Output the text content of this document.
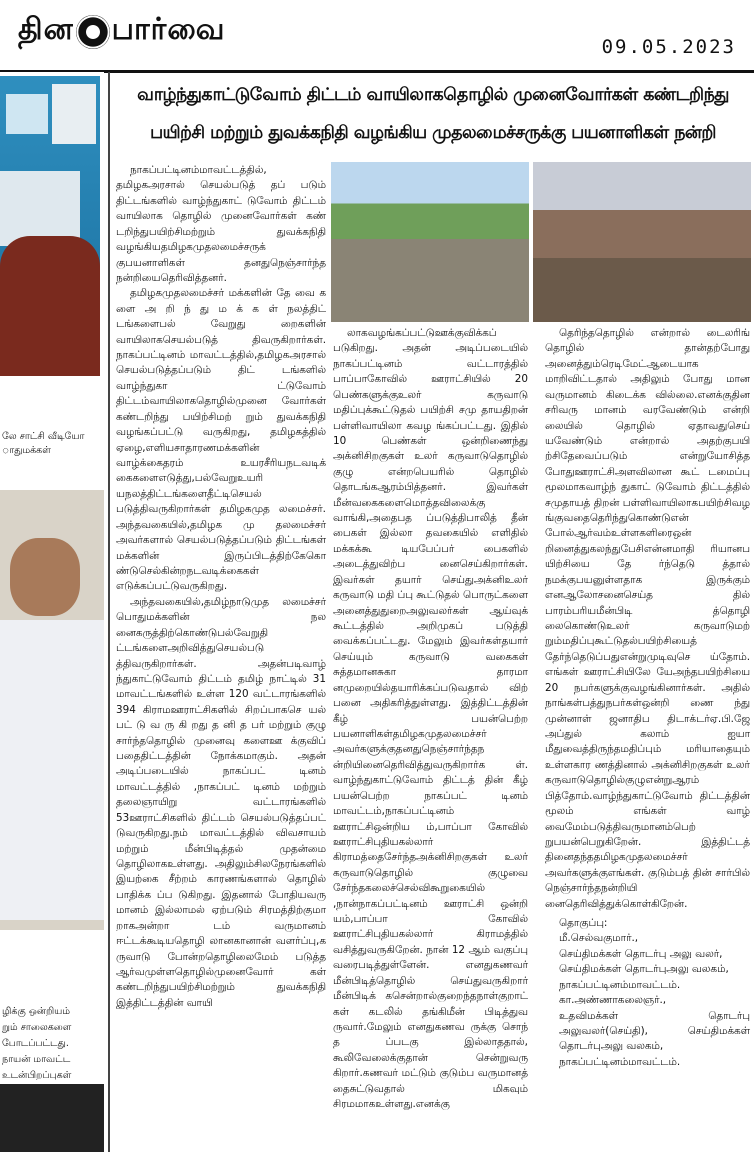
தின பார்வை	09.05.2023
லே சாட்சி வீடியோ
ாதுமக்கள்
ழிக்கு ஒன்றியம்
றும் சாலைகளை
போடப்பட்டது.
நாயன் மாவட்ட
உடன்பிறப்புகள்
வாழ்ந்துகாட்டுவோம் திட்டம் வாயிலாகதொழில் முனைவோர்கள் கண்டறிந்து
பயிற்சி மற்றும் துவக்கநிதி வழங்கிய முதலமைச்சருக்கு பயனாளிகள் நன்றி

நாகப்பட்டினம்மாவட்டத்தில், தமிழகஅரசால் செயல்படுத் தப் படும் திட்டங்களில் வாழ்ந்துகாட் டுவோம் திட்டம் வாயிலாக தொழில் முனைவோர்கள் கண் டறிந்துபயிற்சிமற்றும் துவக்கநிதி வழங்கியதமிழகமுதலமைச்சருக் குபயனாளிகள் தனதுநெஞ்சார்ந்த நன்றியைதெரிவித்தனர்.

தமிழகமுதலமைச்சர் மக்களின் தே வை க ளை அ றி ந் து ம க் க ள் நலத்திட் டங்களைபல் வேறுது றைகளின் வாயிலாகசெயல்படுத் திவருகிறார்கள். நாகப்பட்டினம் மாவட்டத்தில்,தமிழகஅரசால் செயல்படுத்தப்படும் திட் டங்களில் வாழ்ந்துகா ட்டுவோம் திட்டம்வாயிலாகதொழில்முனை வோர்கள் கண்டறிந்து பயிற்சிமற் றும் துவக்கநிதி வழங்கப்பட்டு வருகிறது, தமிழகத்தில் ஏழை,எளியசாதாரணமக்களின் வாழ்க்கைதரம் உயரசீரியநடவடிக் கைகளைஎடுத்து,பல்வேறுஉயரி யநலத்திட்டங்களைதீட்டிசெயல் படுத்திவருகிறார்கள் தமிழகமுத லமைச்சர். அந்தவகையில்,தமிழக மு தலமைச்சர் அவர்களால் செயல்படுத்தப்படும் திட்டங்கள் மக்களின் இருப்பிடத்திற்கேகொ ண்டுசெல்கின்றநடவடிக்கைகள் எடுக்கப்பட்டுவருகிறது.

அந்தவகையில்,தமிழ்நாடுமுத லமைச்சர் பொதுமக்களின் நல னைகருத்திற்கொண்டுபல்வேறுதி ட்டங்களைஅறிவித்துசெயல்படு த்திவருகிறார்கள். அதன்படிவாழ் ந்துகாட்டுவோம் திட்டம் தமிழ் நாட்டில் 31 மாவட்டங்களில் உள்ள 120 வட்டாரங்களில் 394 கிராமஊராட்சிகளில் சிறப்பாகசெ யல் பட் டு வ ரு கி றது த னி த பர் மற்றும் குழு சார்ந்ததொழில் முனைவு களைஊ க்குவிப் பதைதிட்டத்தின் நோக்கமாகும். அதன் அடிப்படையில் நாகப்பட் டினம் மாவட்டத்தில் ,நாகப்பட் டினம் மற்றும் தலைஞாயிறு வட்டாரங்களில் 53ஊராட்சிகளில் திட்டம் செயல்படுத்தப்பட் டுவருகிறது.நம் மாவட்டத்தில் விவசாயம் மற்றும் மீன்பிடித்தல் முதன்மை தொழிலாகஉள்ளது. அதிலும்சிலநேரங்களில் இயற்கை சீற்றம் காரணங்களால் தொழில் பாதிக்க ப்ப டுகிறது. இதனால் போதியவரு மானம் இல்லாமல் ஏற்படும் சிரமத்திற்குமா றாகஅன்றா டம் வருமானம் ஈட்டக்கூடியதொழி லானகானான் வளர்ப்பு,க ருவாடு போன்றதொழிலைமேம் படுத்த ஆர்வமுள்ளதொழில்முனைவோர் கள் கண்டறிந்துபயிற்சிமற்றும் துவக்கநிதி இத்திட்டத்தின் வாயி

லாகவழங்கப்பட்டுஊக்குவிக்கப் படுகிறது. அதன் அடிப்படையில் நாகப்பட்டினம் வட்டாரத்தில் பாப்பாகோவில் ஊராட்சியில் 20 பெண்களுக்குஉலர் கருவாடு மதிப்புக்கூட்டுதல் பயிற்சி சமு தாயதிறன் பள்ளிவாயிலா கவழ ங்கப்பட்டது. இதில் 10 பெண்கள் ஒன்றிணைந்து அக்னிசிறகுகள் உலர் கருவாடுதொழில் குழு என்றபெயரில் தொழில் தொடங்கஆரம்பித்தனர். இவர்கள் மீன்வகைகளைமொத்தவிலைக்கு வாங்கி,அதைபத ப்படுத்திபாலித் தீன் பைகள் இல்லா தவகையில் எளிதில் மக்கக்கூ டியபேப்பர் பைகளில் அடைத்துவிற்ப னைசெய்கிறார்கள். இவர்கள் தயார் செய்துஅக்னிஉலர் கருவாடு மதி ப்பு கூட்டுதல் பொருட்களை அனைத்துதுறைஅலுவலர்கள் ஆய்வுக் கூட்டத்தில் அறிமுகப் படுத்தி வைக்கப்பட்டது. மேலும் இவர்கள்தயார் செய்யும் கருவாடு வகைகள் சுத்தமானசுகா தாரமா னமுறையில்தயாரிக்கப்படுவதால் விற் பனை அதிகரித்துள்ளது. இத்திட்டத்தின் கீழ் பயன்பெற்ற பயனாளிகள்தமிழகமுதலமைச்சர் அவர்களுக்குதனதுநெஞ்சார்ந்தந ன்றியினைதெரிவித்துவருகிறார்க ள். வாழ்ந்துகாட்டுவோம் திட்டத் தின் கீழ் பயன்பெற்ற நாகப்பட் டினம் மாவட்டம்,நாகப்பட்டினம் ஊராட்சிஒன்றிய ம்,பாப்பா கோவில் ஊராட்சிபுதியகல்லார் கிராமத்தைசேர்ந்தஅக்னிசிறகுகள் உலர் கருவாடுதொழில் குழுவை சேர்ந்தகலைச்செல்விகூறுகையில் ,நான்நாகப்பட்டினம் ஊராட்சி ஒன்றி யம்,பாப்பா கோவில் ஊராட்சிபுதியகல்லார் கிராமத்தில் வசித்துவருகிறேன். நான் 12 ஆம் வகுப்பு வரைபடித்துள்ளேன். எனதுகணவர் மீன்பிடித்தொழில் செய்துவருகிறார் மீன்பிடிக் கசென்றால்குறைந்தநாள்குறாட் கள் கடலில் தங்கிமீன் பிடித்துவ ருவார்.மேலும் எனதுகணவ ருக்கு சொந் த ப்படகு இல்லாததால், கூலிவேலைக்குதான் சென்றுவரு கிறார்.கணவர் மட்டும் குடும்ப வருமானத் தைசுட்டுவதால் மிகவும் சிரமமாகஉள்ளது.எனக்கு

தெரிந்ததொழில் என்றால் டைலரிங் தொழில் தான்தற்போது அனைத்தும்ரெடிமேட்ஆடையாக மாறிவிட்டதால் அதிலும் போது மான வருமானம் கிடைக்க வில்லை.எனக்குதின சரிவரு மானம் வரவேண்டும் என்றி லையில் தொழில் ஏதாவதுசெய் யவேண்டும் என்றால் அதற்குபயி ற்சிதேவைப்படும் என்றுயோசித்த போதுஊராட்சிஅளவிலான கூட் டமைப்பு மூலமாகவாழ்ந் துகாட் டுவோம் திட்டத்தில் சமுதாயத் திறன் பள்ளிவாயிலாகபயிற்சிவழ ங்குவதைதெரிந்துகொண்டுஎன் போல்ஆர்வம்உள்ளகளிரைஒன் றினைத்துகலந்துபேசிஎன்னமாதி ரியானப யிற்சியை தே ர்ந்தெடு த்தால் நமக்குபயனுள்ளதாக இருக்கும் எனஆலோசனைசெய்த தில் பாரம்பரியமீன்பிடி த்தொழி லைகொண்டுஉலர் கருவாடுமற் றும்மதிப்புகூட்டுதல்பயிற்சியைத் தேர்ந்தெடுப்பதுஎன்றுமுடிவுசெ ய்தோம். எங்கள் ஊராட்சியிலே யேஅந்தபயிற்சியை 20 நபர்களுக்குவழங்கினார்கள். அதில் நாங்கள்பத்துநபர்கள்ஒன்றி ணை ந்து முன்னாள் ஜனாதிப திடாக்டர்ஏ.பி.ஜே அப்துல் கலாம் ஐயா மீதுவைத்திருந்தமதிப்பும் மரியாதையும் உள்ளகார ணத்தினால் அக்னிசிறகுகள் உலர் கருவாடுதொழில்குழுஎன்றுஆரம் பித்தோம்.வாழ்ந்துகாட்டுவோம் திட்டத்தின் மூலம் எங்கள் வாழ் வைமேம்படுத்திவருமானம்பெற் றுபயன்பெறுகிறேன். இத்திட்டத் தினைதந்ததமிழகமுதலமைச்சர் அவர்களுக்குஎங்கள். குடும்பத் தின் சார்பில் நெஞ்சார்ந்தநன்றியி னைதெரிவித்துக்கொள்கிறேன்.

தொகுப்பு:
மீ.செல்வகுமார்.,
செய்திமக்கள் தொடர்பு அலு வலர்,
செய்திமக்கள் தொடர்புஅலு வலகம்,
நாகப்பட்டினம்மாவட்டம்.
கா.அண்ணாகலைஞர்.,
உதவிமக்கள் தொடர்பு அலுவலர்(செய்தி), செய்திமக்கள் தொடர்புஅலு வலகம்,
நாகப்பட்டினம்மாவட்டம்.
